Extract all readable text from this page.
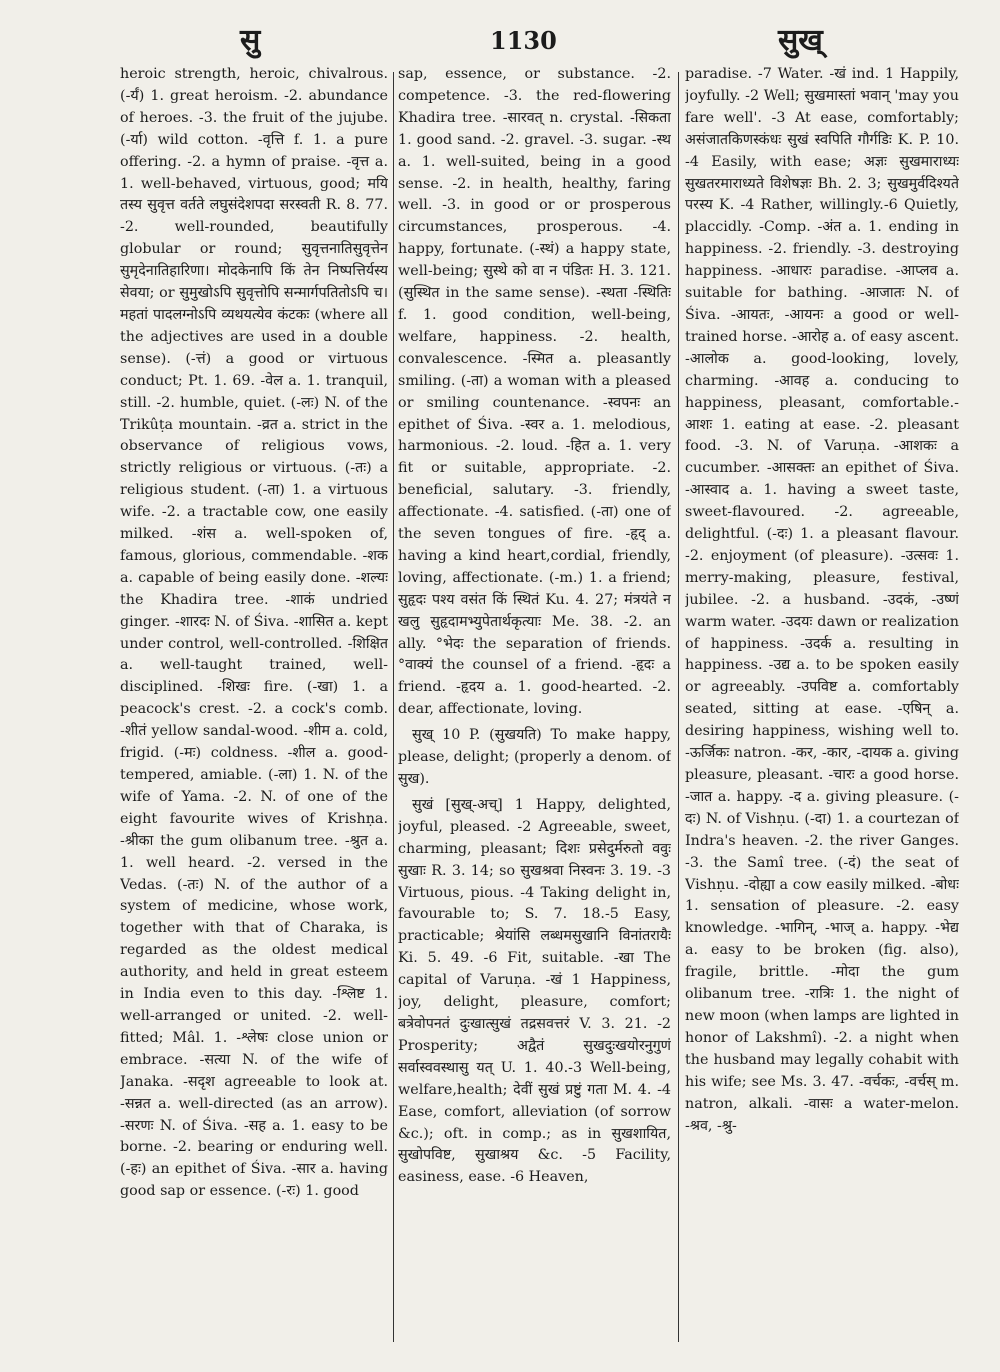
सु	1130	सुख्

heroic strength, heroic, chivalrous. (-र्यं) 1. great heroism. -2. abundance of heroes. -3. the fruit of the jujube. (-र्या) wild cotton. -वृत्ति f. 1. a pure offering. -2. a hymn of praise. -वृत्त a. 1. well-behaved, virtuous, good; मयि तस्य सुवृत्त वर्तते लघुसंदेशपदा सरस्वती R. 8. 77. -2. well-rounded, beautifully globular or round; सुवृत्तनातिसुवृत्तेन सुमृदेनातिहारिणा। मोदकेनापि किं तेन निष्पत्तिर्यस्य सेवया; or सुमुखोऽपि सुवृत्तोपि सन्मार्गपतितोऽपि च। महतां पादलग्नोऽपि व्यथयत्येव कंटकः (where all the adjectives are used in a double sense). (-त्तं) a good or virtuous conduct; Pt. 1. 69. -वेल a. 1. tranquil, still. -2. humble, quiet. (-लः) N. of the Trikûṭa mountain. -व्रत a. strict in the observance of religious vows, strictly religious or virtuous. (-तः) a religious student. (-ता) 1. a virtuous wife. -2. a tractable cow, one easily milked. -शंस a. well-spoken of, famous, glorious, commendable. -शक a. capable of being easily done. -शल्यः the Khadira tree. -शाकं undried ginger. -शारदः N. of Śiva. -शासित a. kept under control, well-controlled. -शिक्षित a. well-taught trained, well-disciplined. -शिखः fire. (-खा) 1. a peacock's crest. -2. a cock's comb. -शीतं yellow sandal-wood. -शीम a. cold, frigid. (-मः) coldness. -शील a. good-tempered, amiable. (-ला) 1. N. of the wife of Yama. -2. N. of one of the eight favourite wives of Krishṇa. -श्रीका the gum olibanum tree. -श्रुत a. 1. well heard. -2. versed in the Vedas. (-तः) N. of the author of a system of medicine, whose work, together with that of Charaka, is regarded as the oldest medical authority, and held in great esteem in India even to this day. -श्लिष्ट 1. well-arranged or united. -2. well-fitted; Mâl. 1. -श्लेषः close union or embrace. -सत्या N. of the wife of Janaka. -सदृश agreeable to look at. -सन्नत a. well-directed (as an arrow). -सरणः N. of Śiva. -सह a. 1. easy to be borne. -2. bearing or enduring well. (-हः) an epithet of Śiva. -सार a. having good sap or essence. (-रः) 1. good

sap, essence, or substance. -2. competence. -3. the red-flowering Khadira tree. -सारवत् n. crystal. -सिकता 1. good sand. -2. gravel. -3. sugar. -स्थ a. 1. well-suited, being in a good sense. -2. in health, healthy, faring well. -3. in good or or prosperous circumstances, prosperous. -4. happy, fortunate. (-स्थं) a happy state, well-being; सुस्थे को वा न पंडितः H. 3. 121. (सुस्थित in the same sense). -स्थता -स्थितिः f. 1. good condition, well-being, welfare, happiness. -2. health, convalescence. -स्मित a. pleasantly smiling. (-ता) a woman with a pleased or smiling countenance. -स्वपनः an epithet of Śiva. -स्वर a. 1. melodious, harmonious. -2. loud. -हित a. 1. very fit or suitable, appropriate. -2. beneficial, salutary. -3. friendly, affectionate. -4. satisfied. (-ता) one of the seven tongues of fire. -हृद् a. having a kind heart,cordial, friendly, loving, affectionate. (-m.) 1. a friend; सुहृदः पश्य वसंत किं स्थितं Ku. 4. 27; मंत्रयंते न खलु सुहृदामभ्युपेतार्थकृत्याः Me. 38. -2. an ally. °भेदः the separation of friends. °वाक्यं the counsel of a friend. -हृदः a friend. -हृदय a. 1. good-hearted. -2. dear, affectionate, loving.

सुख् 10 P. (सुखयति) To make happy, please, delight; (properly a denom. of सुख).

सुखं [सुख्-अच्] 1 Happy, delighted, joyful, pleased. -2 Agreeable, sweet, charming, pleasant; दिशः प्रसेदुर्मरुतो ववुः सुखाः R. 3. 14; so सुखश्रवा निस्वनः 3. 19. -3 Virtuous, pious. -4 Taking delight in, favourable to; S. 7. 18.-5 Easy, practicable; श्रेयांसि लब्धमसुखानि विनांतरायैः Ki. 5. 49. -6 Fit, suitable. -खा The capital of Varuṇa. -खं 1 Happiness, joy, delight, pleasure, comfort; बत्रेवोपनतं दुःखात्सुखं तद्रसवत्तरं V. 3. 21. -2 Prosperity; अद्वैतं सुखदुःखयोरनुगुणं सर्वास्ववस्थासु यत् U. 1. 40.-3 Well-being, welfare,health; देवीं सुखं प्रष्टुं गता M. 4. -4 Ease, comfort, alleviation (of sorrow &c.); oft. in comp.; as in सुखशायित, सुखोपविष्ट, सुखाश्रय &c. -5 Facility, easiness, ease. -6 Heaven,

paradise. -7 Water. -खं ind. 1 Happily, joyfully. -2 Well; सुखमास्तां भवान् 'may you fare well'. -3 At ease, comfortably; असंजातकिणस्कंधः सुखं स्वपिति गौर्गडिः K. P. 10. -4 Easily, with ease; अज्ञः सुखमाराध्यः सुखतरमाराध्यते विशेषज्ञः Bh. 2. 3; सुखमुर्वदिश्यते परस्य K. -4 Rather, willingly.-6 Quietly, placcidly. -Comp. -अंत a. 1. ending in happiness. -2. friendly. -3. destroying happiness. -आधारः paradise. -आप्लव a. suitable for bathing. -आजातः N. of Śiva. -आयतः, -आयनः a good or well-trained horse. -आरोह a. of easy ascent. -आलोक a. good-looking, lovely, charming. -आवह a. conducing to happiness, pleasant, comfortable.-आशः 1. eating at ease. -2. pleasant food. -3. N. of Varuṇa. -आशकः a cucumber. -आसक्तः an epithet of Śiva. -आस्वाद a. 1. having a sweet taste, sweet-flavoured. -2. agreeable, delightful. (-दः) 1. a pleasant flavour. -2. enjoyment (of pleasure). -उत्सवः 1. merry-making, pleasure, festival, jubilee. -2. a husband. -उदकं, -उष्णं warm water. -उदयः dawn or realization of happiness. -उदर्क a. resulting in happiness. -उद्य a. to be spoken easily or agreeably. -उपविष्ट a. comfortably seated, sitting at ease. -एषिन् a. desiring happiness, wishing well to. -ऊर्जिकः natron. -कर, -कार, -दायक a. giving pleasure, pleasant. -चारः a good horse. -जात a. happy. -द a. giving pleasure. (-दः) N. of Vishṇu. (-दा) 1. a courtezan of Indra's heaven. -2. the river Ganges. -3. the Samî tree. (-दं) the seat of Vishṇu. -दोह्या a cow easily milked. -बोधः 1. sensation of pleasure. -2. easy knowledge. -भागिन्, -भाज् a. happy. -भेद्य a. easy to be broken (fig. also), fragile, brittle. -मोदा the gum olibanum tree. -रात्रिः 1. the night of new moon (when lamps are lighted in honor of Lakshmî). -2. a night when the husband may legally cohabit with his wife; see Ms. 3. 47. -वर्चकः, -वर्चस् m. natron, alkali. -वासः a water-melon. -श्रव, -श्रु-
